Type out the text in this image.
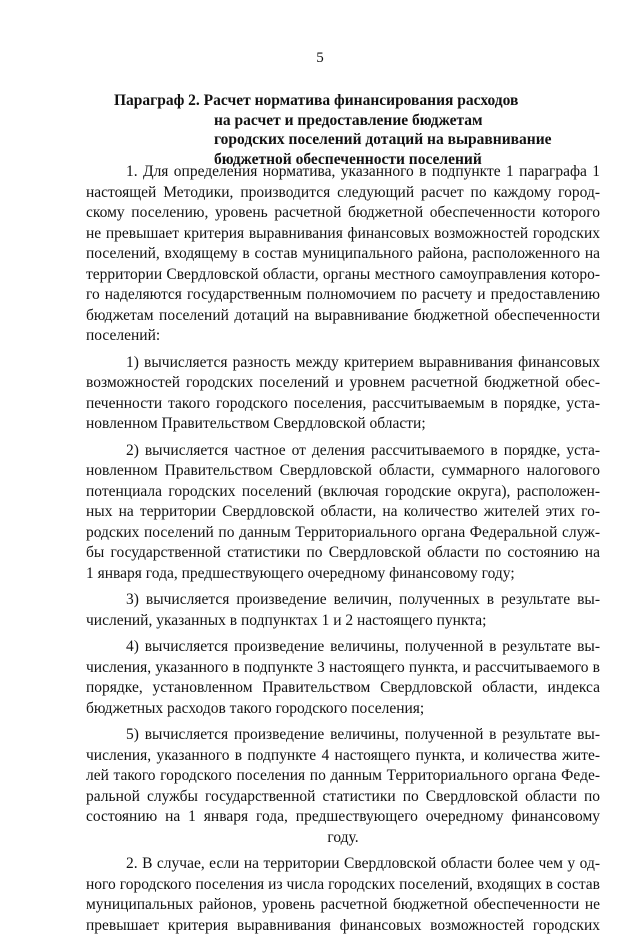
5
Параграф 2. Расчет норматива финансирования расходов
на расчет и предоставление бюджетам
городских поселений дотаций на выравнивание
бюджетной обеспеченности поселений
1. Для определения норматива, указанного в подпункте 1 параграфа 1
настоящей Методики, производится следующий расчет по каждому город-
скому поселению, уровень расчетной бюджетной обеспеченности которого
не превышает критерия выравнивания финансовых возможностей городских
поселений, входящему в состав муниципального района, расположенного на
территории Свердловской области, органы местного самоуправления которо-
го наделяются государственным полномочием по расчету и предоставлению
бюджетам поселений дотаций на выравнивание бюджетной обеспеченности
поселений:
1) вычисляется разность между критерием выравнивания финансовых
возможностей городских поселений и уровнем расчетной бюджетной обес-
печенности такого городского поселения, рассчитываемым в порядке, уста-
новленном Правительством Свердловской области;
2) вычисляется частное от деления рассчитываемого в порядке, уста-
новленном Правительством Свердловской области, суммарного налогового
потенциала городских поселений (включая городские округа), расположен-
ных на территории Свердловской области, на количество жителей этих го-
родских поселений по данным Территориального органа Федеральной служ-
бы государственной статистики по Свердловской области по состоянию на
1 января года, предшествующего очередному финансовому году;
3) вычисляется произведение величин, полученных в результате вы-
числений, указанных в подпунктах 1 и 2 настоящего пункта;
4) вычисляется произведение величины, полученной в результате вы-
числения, указанного в подпункте 3 настоящего пункта, и рассчитываемого в
порядке, установленном Правительством Свердловской области, индекса
бюджетных расходов такого городского поселения;
5) вычисляется произведение величины, полученной в результате вы-
числения, указанного в подпункте 4 настоящего пункта, и количества жите-
лей такого городского поселения по данным Территориального органа Феде-
ральной службы государственной статистики по Свердловской области по
состоянию на 1 января года, предшествующего очередному финансовому
году.
2. В случае, если на территории Свердловской области более чем у од-
ного городского поселения из числа городских поселений, входящих в состав
муниципальных районов, уровень расчетной бюджетной обеспеченности не
превышает критерия выравнивания финансовых возможностей городских
